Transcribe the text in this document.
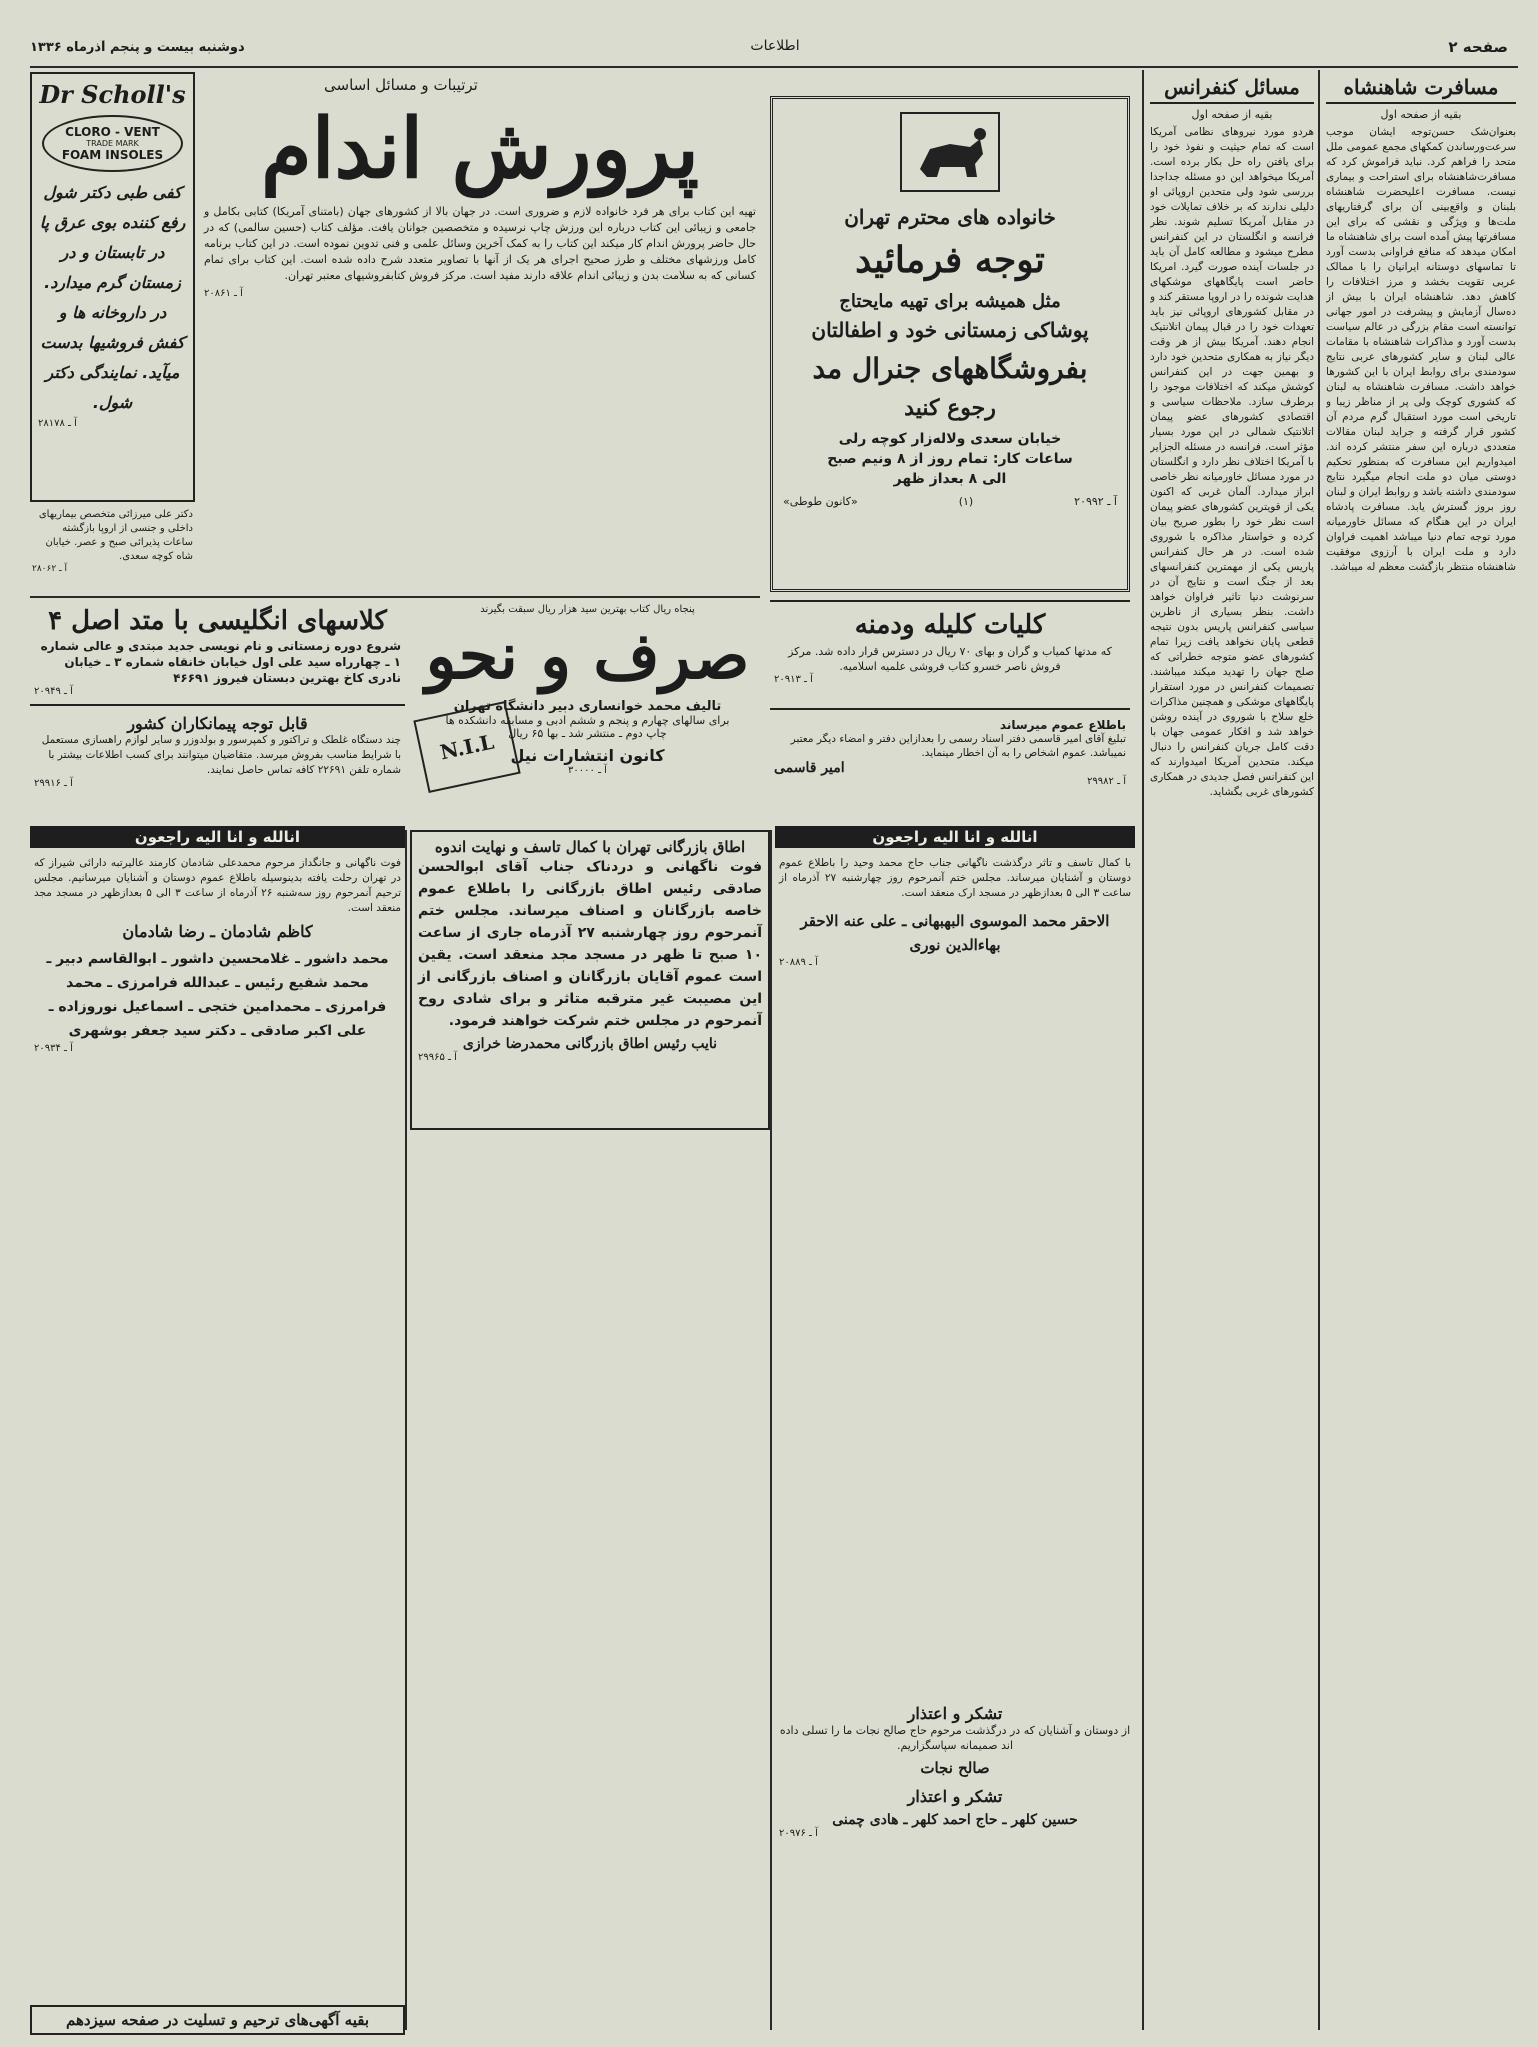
صفحه ۲
اطلاعات
دوشنبه بیست و پنجم آذرماه ۱۳۳۶
مسافرت شاهنشاه
بقیه از صفحه اول
بعنوان‌شک حسن‌توجه ایشان موجب سرعت‌ورساندن کمکهای مجمع عمومی ملل متحد را فراهم کرد. نباید فراموش کرد که مسافرت‌شاهنشاه برای استراحت و بیماری نیست. مسافرت اعلیحضرت شاهنشاه بلبنان و واقع‌بینی آن برای گرفتاریهای ملت‌ها و ویژگی و نقشی که برای این مسافرتها پیش آمده است برای شاهنشاه ما امکان میدهد که منافع فراوانی بدست آورد تا تماسهای دوستانه ایرانیان را با ممالک عربی تقویت بخشد و مرز اختلافات را کاهش دهد. شاهنشاه ایران با بیش از ده‌سال آزمایش و پیشرفت در امور جهانی توانسته است مقام بزرگی در عالم سیاست بدست آورد و مذاکرات شاهنشاه با مقامات عالی لبنان و سایر کشورهای عربی نتایج سودمندی برای روابط ایران با این کشورها خواهد داشت. مسافرت شاهنشاه به لبنان که کشوری کوچک ولی پر از مناظر زیبا و تاریخی است مورد استقبال گرم مردم آن کشور قرار گرفته و جراید لبنان مقالات متعددی درباره این سفر منتشر کرده اند. امیدواریم این مسافرت که بمنظور تحکیم دوستی میان دو ملت انجام میگیرد نتایج سودمندی داشته باشد و روابط ایران و لبنان روز بروز گسترش یابد. مسافرت پادشاه ایران در این هنگام که مسائل خاورمیانه مورد توجه تمام دنیا میباشد اهمیت فراوان دارد و ملت ایران با آرزوی موفقیت شاهنشاه منتظر بازگشت معظم له میباشد.
مسائل کنفرانس
بقیه از صفحه اول
هردو مورد نیروهای نظامی آمریکا است که تمام حیثیت و نفوذ خود را برای یافتن راه حل بکار برده است. آمریکا میخواهد این دو مسئله جداجدا بررسی شود ولی متحدین اروپائی او دلیلی ندارند که بر خلاف تمایلات خود در مقابل آمریکا تسلیم شوند. نظر فرانسه و انگلستان در این کنفرانس مطرح میشود و مطالعه کامل آن باید در جلسات آینده صورت گیرد. امریکا حاضر است پایگاههای موشکهای هدایت شونده را در اروپا مستقر کند و در مقابل کشورهای اروپائی نیز باید تعهدات خود را در قبال پیمان اتلانتیک انجام دهند. آمریکا بیش از هر وقت دیگر نیاز به همکاری متحدین خود دارد و بهمین جهت در این کنفرانس کوشش میکند که اختلافات موجود را برطرف سازد. ملاحظات سیاسی و اقتصادی کشورهای عضو پیمان اتلانتیک شمالی در این مورد بسیار مؤثر است. فرانسه در مسئله الجزایر با آمریکا اختلاف نظر دارد و انگلستان در مورد مسائل خاورمیانه نظر خاصی ابراز میدارد. آلمان غربی که اکنون یکی از قویترین کشورهای عضو پیمان است نظر خود را بطور صریح بیان کرده و خواستار مذاکره با شوروی شده است. در هر حال کنفرانس پاریس یکی از مهمترین کنفرانسهای بعد از جنگ است و نتایج آن در سرنوشت دنیا تاثیر فراوان خواهد داشت. بنظر بسیاری از ناظرین سیاسی کنفرانس پاریس بدون نتیجه قطعی پایان نخواهد یافت زیرا تمام کشورهای عضو متوجه خطراتی که صلح جهان را تهدید میکند میباشند. تصمیمات کنفرانس در مورد استقرار پایگاههای موشکی و همچنین مذاکرات خلع سلاح با شوروی در آینده روشن خواهد شد و افکار عمومی جهان با دقت کامل جریان کنفرانس را دنبال میکند. متحدین آمریکا امیدوارند که این کنفرانس فصل جدیدی در همکاری کشورهای غربی بگشاید.
خانواده های محترم تهران
توجه فرمائید
مثل همیشه برای تهیه مایحتاج
پوشاکی زمستانی خود و اطفالتان
بفروشگاههای جنرال مد
رجوع کنید
خیابان سعدی ولاله‌زار کوچه رلی
ساعات کار: تمام روز از ۸ ونیم صبح
الی ۸ بعداز ظهر
آ ـ ۲۰۹۹۲
(۱)
«کانون طوطی»
کلیات کلیله ودمنه
که مدتها کمیاب و گران و بهای ۷۰ ریال در دسترس قرار داده شد. مرکز فروش ناصر خسرو کتاب فروشی علمیه اسلامیه.
آ ـ ۲۰۹۱۳
باطلاع عموم میرساند
تبلیغ آقای امیر قاسمی دفتر اسناد رسمی را بعدازاین دفتر و امضاء دیگر معتبر نمیباشد. عموم اشخاص را به آن اخطار مینماید.
امیر قاسمی
آ ـ ۲۹۹۸۲
ترتیبات و مسائل اساسی
پرورش اندام
تهیه این کتاب برای هر فرد خانواده لازم و ضروری است. در جهان بالا از کشورهای جهان (بامتنای آمریکا) کتابی بکامل و جامعی و زیبائی این کتاب درباره این ورزش چاپ نرسیده و متخصصین جوانان یافت. مؤلف کتاب (حسین سالمی) که در حال حاضر پرورش اندام کار میکند این کتاب را به کمک آخرین وسائل علمی و فنی تدوین نموده است. در این کتاب برنامه کامل ورزشهای مختلف و طرز صحیح اجرای هر یک از آنها با تصاویر متعدد شرح داده شده است. این کتاب برای تمام کسانی که به سلامت بدن و زیبائی اندام علاقه دارند مفید است. مرکز فروش کتابفروشیهای معتبر تهران.
آ ـ ۲۰۸۶۱
Dr Scholl's
CLORO - VENT
TRADE MARK
FOAM INSOLES
کفی طبی دکتر شول رفع کننده بوی عرق پا در تابستان و در زمستان گرم میدارد. در داروخانه ها و کفش فروشیها بدست میآید. نمایندگی دکتر شول.
آ ـ ۲۸۱۷۸
دکتر علی میرزائی متخصص بیماریهای داخلی و جنسی از اروپا بازگشته ساعات پذیرائی صبح و عصر. خیابان شاه کوچه سعدی.
آ ـ ۲۸۰۶۲
پنجاه ریال کتاب بهترین سید هزار ریال سبقت بگیرند
صرف و نحو
تالیف محمد خوانساری دبیر دانشگاه تهران
برای سالهای چهارم و پنجم و ششم ادبی و مسابقه دانشکده ها
چاپ دوم ـ منتشر شد ـ بها ۶۵ ریال
کانون انتشارات نیل
آ ـ ۳۰۰۰۰
N.I.L
کلاسهای انگلیسی با متد اصل ۴
شروع دوره زمستانی و نام نویسی جدید مبتدی و عالی شماره ۱ ـ چهارراه سید علی اول خیابان خانقاه شماره ۳ ـ خیابان نادری کاخ بهترین دبستان فیروز ۴۶۶۹۱
آ ـ ۲۰۹۴۹
قابل توجه پیمانکاران کشور
چند دستگاه غلطک و تراکتور و کمپرسور و بولدوزر و سایر لوازم راهسازی مستعمل با شرایط مناسب بفروش میرسد. متقاضیان میتوانند برای کسب اطلاعات بیشتر با شماره تلفن ۲۲۶۹۱ کافه تماس حاصل نمایند.
آ ـ ۲۹۹۱۶
انالله و انا الیه راجعون	انالله و انا الیه راجعون
اطاق بازرگانی تهران با کمال تاسف و نهایت اندوه
فوت ناگهانی و دردناک جناب آقای ابوالحسن صادقی رئیس اطاق بازرگانی را باطلاع عموم خاصه بازرگانان و اصناف میرساند. مجلس ختم آنمرحوم روز چهارشنبه ۲۷ آذرماه جاری از ساعت ۱۰ صبح تا ظهر در مسجد مجد منعقد است. یقین است عموم آقایان بازرگانان و اصناف بازرگانی از این مصیبت غیر مترقبه متاثر و برای شادی روح آنمرحوم در مجلس ختم شرکت خواهند فرمود.
نایب رئیس اطاق بازرگانی محمدرضا خرازی
آ ـ ۲۹۹۶۵
فوت ناگهانی و جانگداز مرحوم محمدعلی شادمان کارمند عالیرتبه دارائی شیراز که در تهران رحلت یافته بدینوسیله باطلاع عموم دوستان و آشنایان میرسانیم. مجلس ترحیم آنمرحوم روز سه‌شنبه ۲۶ آذرماه از ساعت ۳ الی ۵ بعدازظهر در مسجد مجد منعقد است.
کاظم شادمان ـ رضا شادمان
محمد داشور ـ غلامحسین داشور ـ ابوالقاسم دبیر ـ محمد شفیع رئیس ـ عبدالله فرامرزی ـ محمد فرامرزی ـ محمدامین ختجی ـ اسماعیل نوروزاده ـ علی اکبر صادقی ـ دکتر سید جعفر بوشهری
آ ـ ۲۰۹۳۴
با کمال تاسف و تاثر درگذشت ناگهانی جناب حاج محمد وحید را باطلاع عموم دوستان و آشنایان میرساند. مجلس ختم آنمرحوم روز چهارشنبه ۲۷ آذرماه از ساعت ۳ الی ۵ بعدازظهر در مسجد ارک منعقد است.
الاحقر محمد الموسوی البهبهانی ـ علی عنه الاحقر بهاءالدین نوری
آ ـ ۲۰۸۸۹
تشکر و اعتذار
از دوستان و آشنایان که در درگذشت مرحوم حاج صالح نجات ما را تسلی داده اند صمیمانه سپاسگزاریم.
صالح نجات
تشکر و اعتذار
حسین کلهر ـ حاج احمد کلهر ـ هادی چمنی
آ ـ ۲۰۹۷۶
بقیه آگهی‌های ترحیم و تسلیت در صفحه سیزدهم
